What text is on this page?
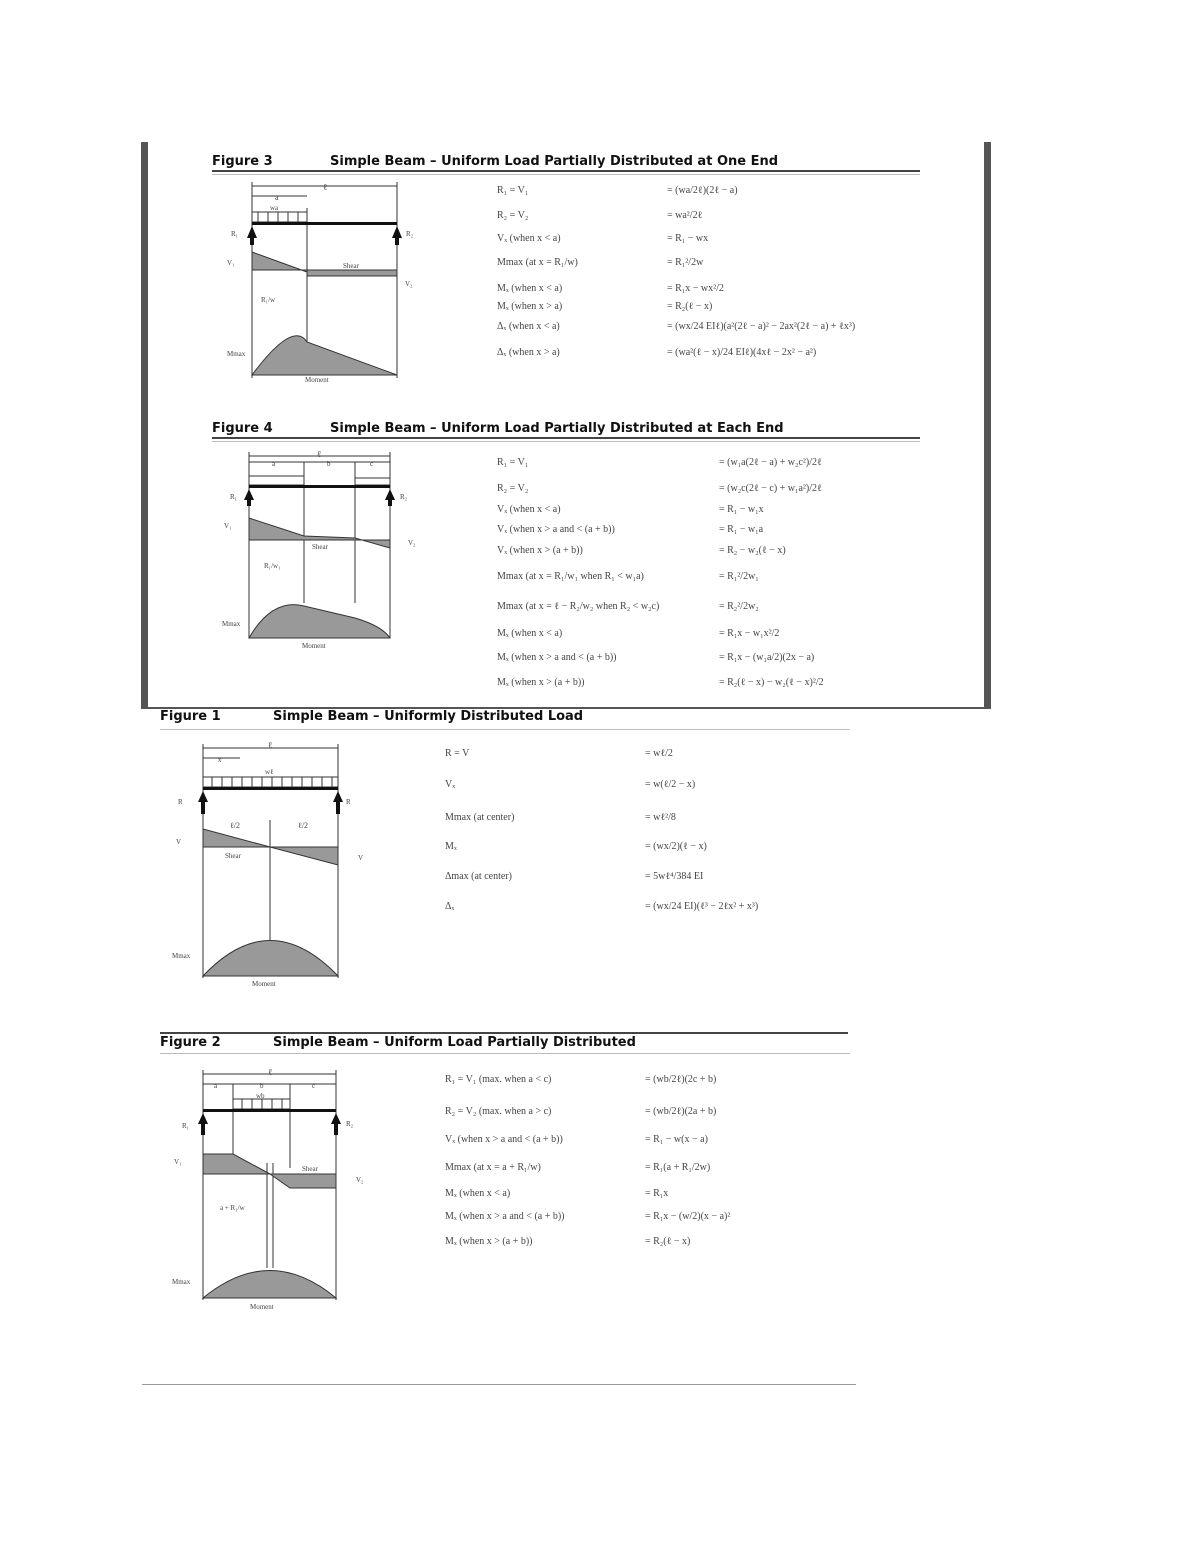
Figure 3	Simple Beam – Uniform Load Partially Distributed at One End
ℓ
a
wa
R₁	R₂
Shear
V₁
V₂
R₁/w
Mmax
Moment
R₁ = V₁	= (wa/2ℓ)(2ℓ − a)
R₂ = V₂	= wa²/2ℓ
Vₓ (when x < a)	= R₁ − wx
Mmax (at x = R₁/w)	= R₁²/2w
Mₓ (when x < a)	= R₁x − wx²/2
Mₓ (when x > a)	= R₂(ℓ − x)
Δₓ (when x < a)	= (wx/24 EIℓ)(a²(2ℓ − a)² − 2ax²(2ℓ − a) + ℓx³)
Δₓ (when x > a)	= (wa²(ℓ − x)/24 EIℓ)(4xℓ − 2x² − a²)
Figure 4	Simple Beam – Uniform Load Partially Distributed at Each End
ℓ
a	b	c
R₁	R₂
Shear
V₁
V₂
R₁/w₁
Mmax
Moment
R₁ = V₁	= (w₁a(2ℓ − a) + w₂c²)/2ℓ
R₂ = V₂	= (w₂c(2ℓ − c) + w₁a²)/2ℓ
Vₓ (when x < a)	= R₁ − w₁x
Vₓ (when x > a and < (a + b))	= R₁ − w₁a
Vₓ (when x > (a + b))	= R₂ − w₂(ℓ − x)
Mmax (at x = R₁/w₁ when R₁ < w₁a)	= R₁²/2w₁
Mmax (at x = ℓ − R₂/w₂ when R₂ < w₂c)	= R₂²/2w₂
Mₓ (when x < a)	= R₁x − w₁x²/2
Mₓ (when x > a and < (a + b))	= R₁x − (w₁a/2)(2x − a)
Mₓ (when x > (a + b))	= R₂(ℓ − x) − w₂(ℓ − x)²/2
Figure 1	Simple Beam – Uniformly Distributed Load
ℓ
x
wℓ
R	R
ℓ/2	ℓ/2
Shear
V
V
Mmax
Moment
R = V	= wℓ/2
Vₓ	= w(ℓ/2 − x)
Mmax (at center)	= wℓ²/8
Mₓ	= (wx/2)(ℓ − x)
Δmax (at center)	= 5wℓ⁴/384 EI
Δₓ	= (wx/24 EI)(ℓ³ − 2ℓx² + x³)
Figure 2	Simple Beam – Uniform Load Partially Distributed
ℓ
a	b	c
wb
R₁	R₂
Shear
V₁
V₂
a + R₁/w
Mmax
Moment
R₁ = V₁ (max. when a < c)	= (wb/2ℓ)(2c + b)
R₂ = V₂ (max. when a > c)	= (wb/2ℓ)(2a + b)
Vₓ (when x > a and < (a + b))	= R₁ − w(x − a)
Mmax (at x = a + R₁/w)	= R₁(a + R₁/2w)
Mₓ (when x < a)	= R₁x
Mₓ (when x > a and < (a + b))	= R₁x − (w/2)(x − a)²
Mₓ (when x > (a + b))	= R₂(ℓ − x)
